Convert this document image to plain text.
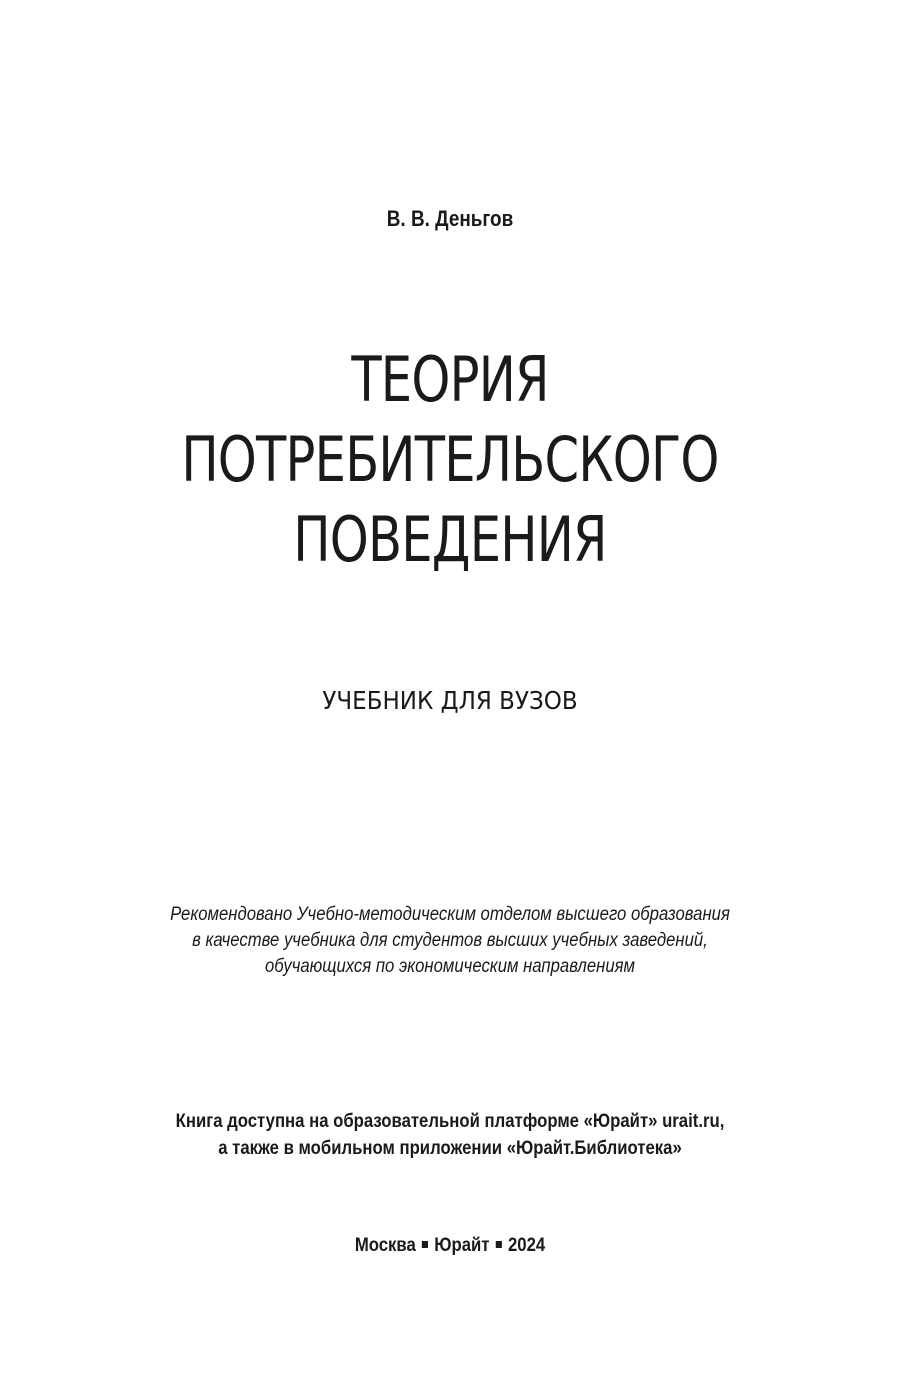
В. В. Деньгов
ТЕОРИЯ
ПОТРЕБИТЕЛЬСКОГО
ПОВЕДЕНИЯ
УЧЕБНИК ДЛЯ ВУЗОВ
Рекомендовано Учебно-методическим отделом высшего образования
в качестве учебника для студентов высших учебных заведений,
обучающихся по экономическим направлениям
Книга доступна на образовательной платформе «Юрайт» urait.ru,
а также в мобильном приложении «Юрайт.Библиотека»
Москва Юрайт 2024
